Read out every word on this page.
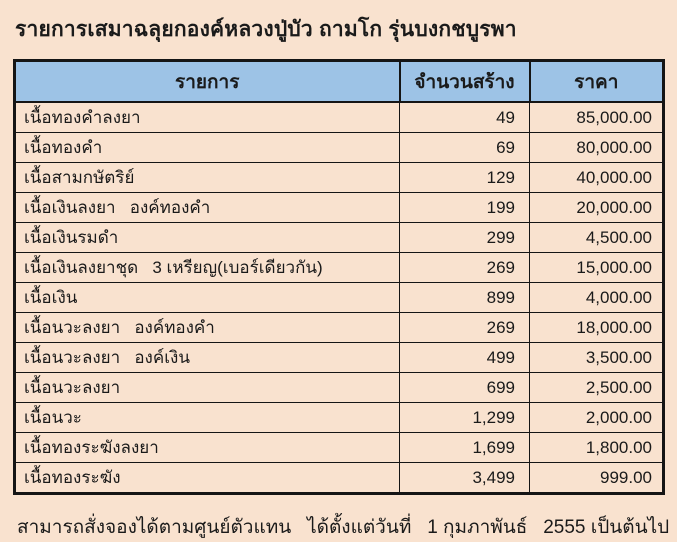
รายการเสมาฉลุยกองค์หลวงปู่บัว ถามโก รุ่นบงกชบูรพา
รายการ	จำนวนสร้าง	ราคา
เนื้อทองคำลงยา	49	85,000.00
เนื้อทองคำ	69	80,000.00
เนื้อสามกษัตริย์	129	40,000.00
เนื้อเงินลงยา   องค์ทองคำ	199	20,000.00
เนื้อเงินรมดำ	299	4,500.00
เนื้อเงินลงยาชุด   3 เหรียญ(เบอร์เดียวกัน)	269	15,000.00
เนื้อเงิน	899	4,000.00
เนื้อนวะลงยา   องค์ทองคำ	269	18,000.00
เนื้อนวะลงยา   องค์เงิน	499	3,500.00
เนื้อนวะลงยา	699	2,500.00
เนื้อนวะ	1,299	2,000.00
เนื้อทองระฆังลงยา	1,699	1,800.00
เนื้อทองระฆัง	3,499	999.00
สามารถสั่งจองได้ตามศูนย์ตัวแทน   ได้ตั้งแต่วันที่   1 กุมภาพันธ์   2555 เป็นต้นไป
